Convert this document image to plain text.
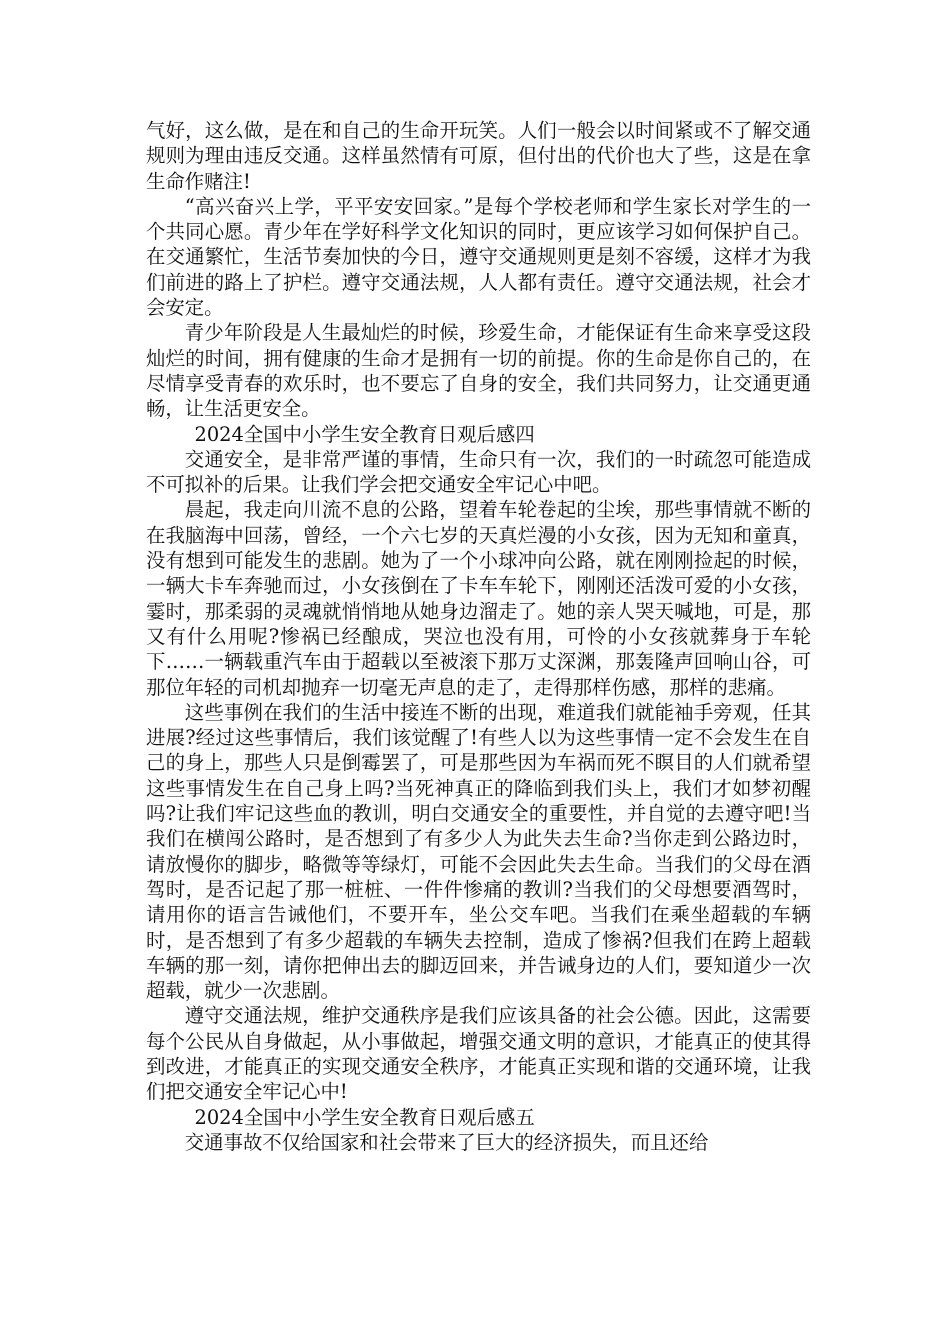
气好，这么做，是在和自己的生命开玩笑。人们一般会以时间紧或不了解交通规则为理由违反交通。这样虽然情有可原，但付出的代价也大了些，这是在拿生命作赌注!

“高兴奋兴上学，平平安安回家。”是每个学校老师和学生家长对学生的一个共同心愿。青少年在学好科学文化知识的同时，更应该学习如何保护自己。在交通繁忙，生活节奏加快的今日，遵守交通规则更是刻不容缓，这样才为我们前进的路上了护栏。遵守交通法规，人人都有责任。遵守交通法规，社会才会安定。

青少年阶段是人生最灿烂的时候，珍爱生命，才能保证有生命来享受这段灿烂的时间，拥有健康的生命才是拥有一切的前提。你的生命是你自己的，在尽情享受青春的欢乐时，也不要忘了自身的安全，我们共同努力，让交通更通畅，让生活更安全。

2024全国中小学生安全教育日观后感四

交通安全，是非常严谨的事情，生命只有一次，我们的一时疏忽可能造成不可拟补的后果。让我们学会把交通安全牢记心中吧。

晨起，我走向川流不息的公路，望着车轮卷起的尘埃，那些事情就不断的在我脑海中回荡，曾经，一个六七岁的天真烂漫的小女孩，因为无知和童真，没有想到可能发生的悲剧。她为了一个小球冲向公路，就在刚刚捡起的时候，一辆大卡车奔驰而过，小女孩倒在了卡车车轮下，刚刚还活泼可爱的小女孩，霎时，那柔弱的灵魂就悄悄地从她身边溜走了。她的亲人哭天喊地，可是，那又有什么用呢?惨祸已经酿成，哭泣也没有用，可怜的小女孩就葬身于车轮下……一辆载重汽车由于超载以至被滚下那万丈深渊，那轰隆声回响山谷，可那位年轻的司机却抛弃一切毫无声息的走了，走得那样伤感，那样的悲痛。

这些事例在我们的生活中接连不断的出现，难道我们就能袖手旁观，任其进展?经过这些事情后，我们该觉醒了!有些人以为这些事情一定不会发生在自己的身上，那些人只是倒霉罢了，可是那些因为车祸而死不瞑目的人们就希望这些事情发生在自己身上吗?当死神真正的降临到我们头上，我们才如梦初醒吗?让我们牢记这些血的教训，明白交通安全的重要性，并自觉的去遵守吧!当我们在横闯公路时，是否想到了有多少人为此失去生命?当你走到公路边时，请放慢你的脚步，略微等等绿灯，可能不会因此失去生命。当我们的父母在酒驾时，是否记起了那一桩桩、一件件惨痛的教训?当我们的父母想要酒驾时，请用你的语言告诫他们，不要开车，坐公交车吧。当我们在乘坐超载的车辆时，是否想到了有多少超载的车辆失去控制，造成了惨祸?但我们在跨上超载车辆的那一刻，请你把伸出去的脚迈回来，并告诫身边的人们，要知道少一次超载，就少一次悲剧。

遵守交通法规，维护交通秩序是我们应该具备的社会公德。因此，这需要每个公民从自身做起，从小事做起，增强交通文明的意识，才能真正的使其得到改进，才能真正的实现交通安全秩序，才能真正实现和谐的交通环境，让我们把交通安全牢记心中!

2024全国中小学生安全教育日观后感五

交通事故不仅给国家和社会带来了巨大的经济损失，而且还给
